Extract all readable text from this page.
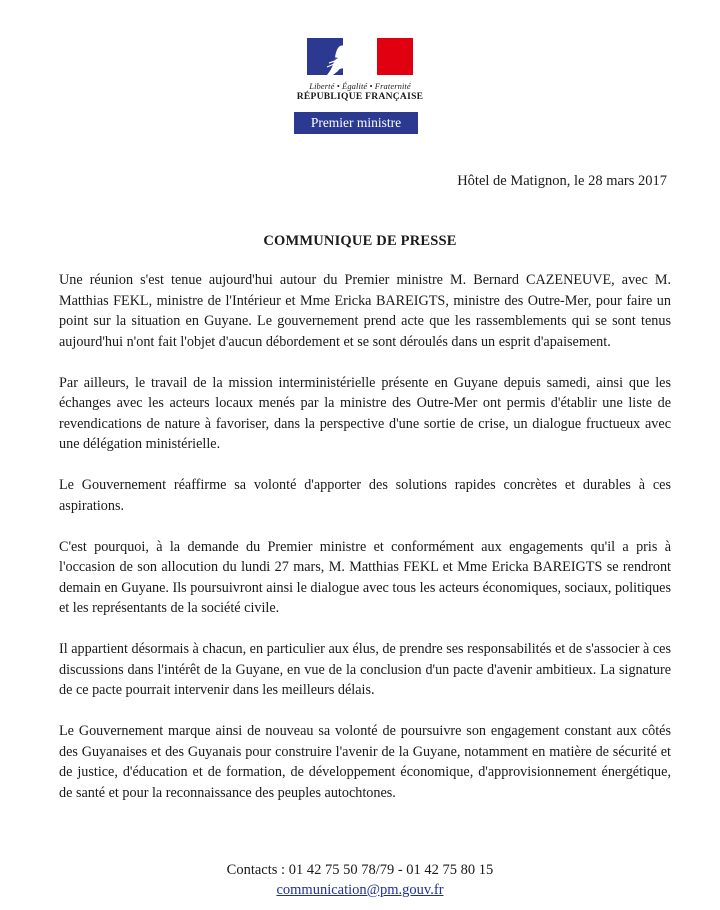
Liberté • Égalité • Fraternité
RÉPUBLIQUE FRANÇAISE
Premier ministre
Hôtel de Matignon, le 28 mars 2017
COMMUNIQUE DE PRESSE

Une réunion s'est tenue aujourd'hui autour du Premier ministre M. Bernard CAZENEUVE, avec M. Matthias FEKL, ministre de l'Intérieur et Mme Ericka BAREIGTS, ministre des Outre-Mer, pour faire un point sur la situation en Guyane. Le gouvernement prend acte que les rassemblements qui se sont tenus aujourd'hui n'ont fait l'objet d'aucun débordement et se sont déroulés dans un esprit d'apaisement.

Par ailleurs, le travail de la mission interministérielle présente en Guyane depuis samedi, ainsi que les échanges avec les acteurs locaux menés par la ministre des Outre-Mer ont permis d'établir une liste de revendications de nature à favoriser, dans la perspective d'une sortie de crise, un dialogue fructueux avec une délégation ministérielle.

Le Gouvernement réaffirme sa volonté d'apporter des solutions rapides concrètes et durables à ces aspirations.

C'est pourquoi, à la demande du Premier ministre et conformément aux engagements qu'il a pris à l'occasion de son allocution du lundi 27 mars, M. Matthias FEKL et Mme Ericka BAREIGTS se rendront demain en Guyane. Ils poursuivront ainsi le dialogue avec tous les acteurs économiques, sociaux, politiques et les représentants de la société civile.

Il appartient désormais à chacun, en particulier aux élus, de prendre ses responsabilités et de s'associer à ces discussions dans l'intérêt de la Guyane, en vue de la conclusion d'un pacte d'avenir ambitieux. La signature de ce pacte pourrait intervenir dans les meilleurs délais.

Le Gouvernement marque ainsi de nouveau sa volonté de poursuivre son engagement constant aux côtés des Guyanaises et des Guyanais pour construire l'avenir de la Guyane, notamment en matière de sécurité et de justice, d'éducation et de formation, de développement économique, d'approvisionnement énergétique, de santé et pour la reconnaissance des peuples autochtones.

Contacts : 01 42 75 50 78/79 - 01 42 75 80 15
communication@pm.gouv.fr
